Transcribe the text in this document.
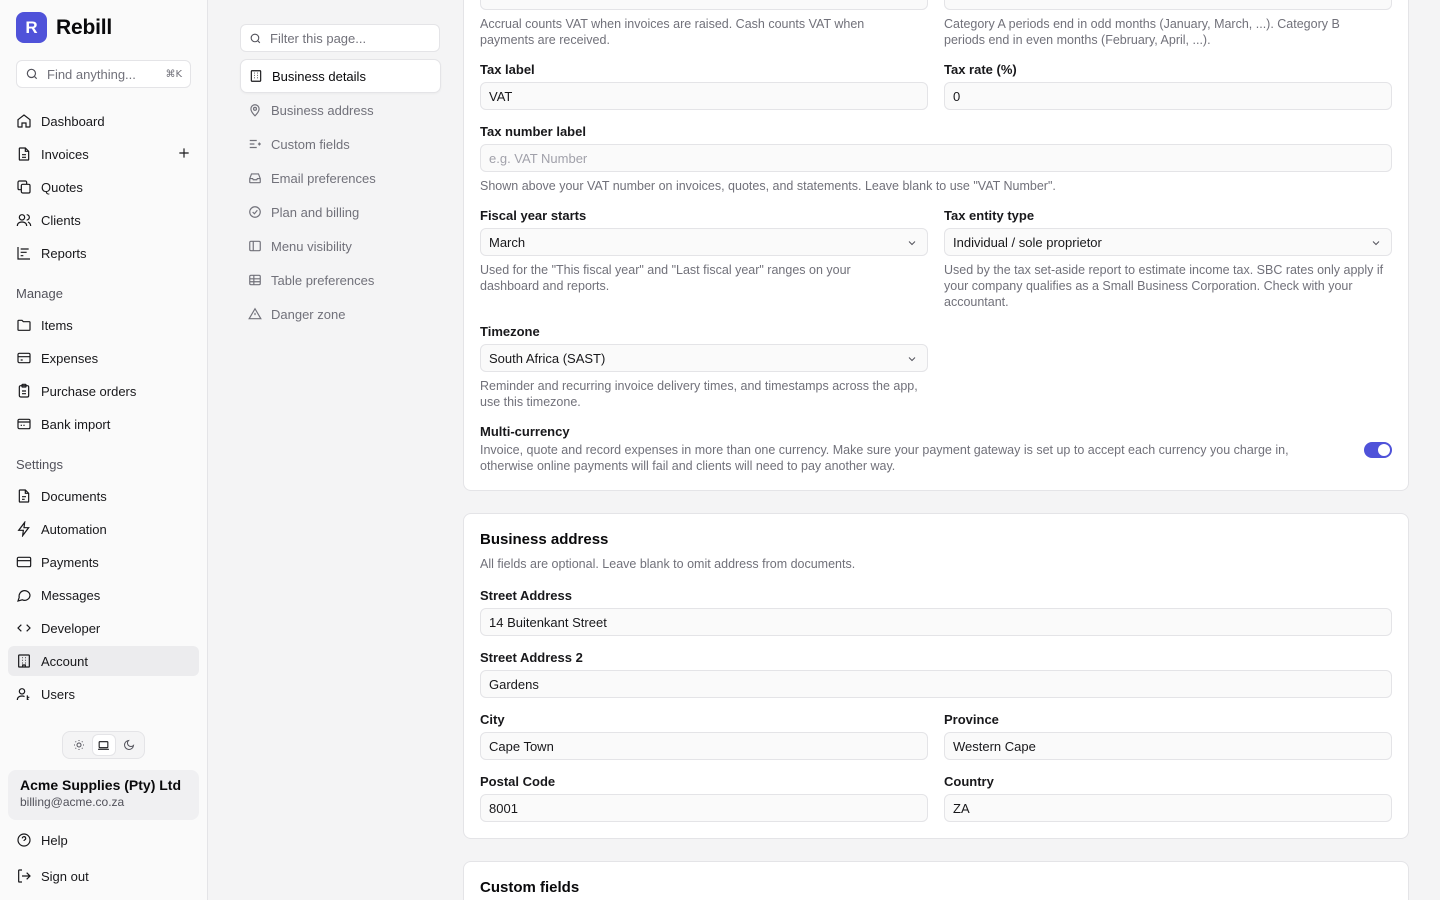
R Rebill
Find anything...	⌘K
Dashboard
Invoices
Quotes
Clients
Reports
Manage
Items
Expenses
Purchase orders
Bank import
Settings
Documents
Automation
Payments
Messages
Developer
Account
Users
Acme Supplies (Pty) Ltd
billing@acme.co.za
Help
Sign out
Filter this page...
Business details
Business address
Custom fields
Email preferences
Plan and billing
Menu visibility
Table preferences
Danger zone
Accrual counts VAT when invoices are raised. Cash counts VAT when payments are received.
Category A periods end in odd months (January, March, ...). Category B periods end in even months (February, April, ...).
Tax label
VAT
Tax rate (%)
0
Tax number label
e.g. VAT Number
Shown above your VAT number on invoices, quotes, and statements. Leave blank to use "VAT Number".
Fiscal year starts
March
Used for the "This fiscal year" and "Last fiscal year" ranges on your dashboard and reports.
Tax entity type
Individual / sole proprietor
Used by the tax set-aside report to estimate income tax. SBC rates only apply if your company qualifies as a Small Business Corporation. Check with your accountant.
Timezone
South Africa (SAST)
Reminder and recurring invoice delivery times, and timestamps across the app, use this timezone.
Multi-currency
Invoice, quote and record expenses in more than one currency. Make sure your payment gateway is set up to accept each currency you charge in, otherwise online payments will fail and clients will need to pay another way.
Business address
All fields are optional. Leave blank to omit address from documents.
Street Address
14 Buitenkant Street
Street Address 2
Gardens
City
Cape Town
Province
Western Cape
Postal Code
8001
Country
ZA
Custom fields
